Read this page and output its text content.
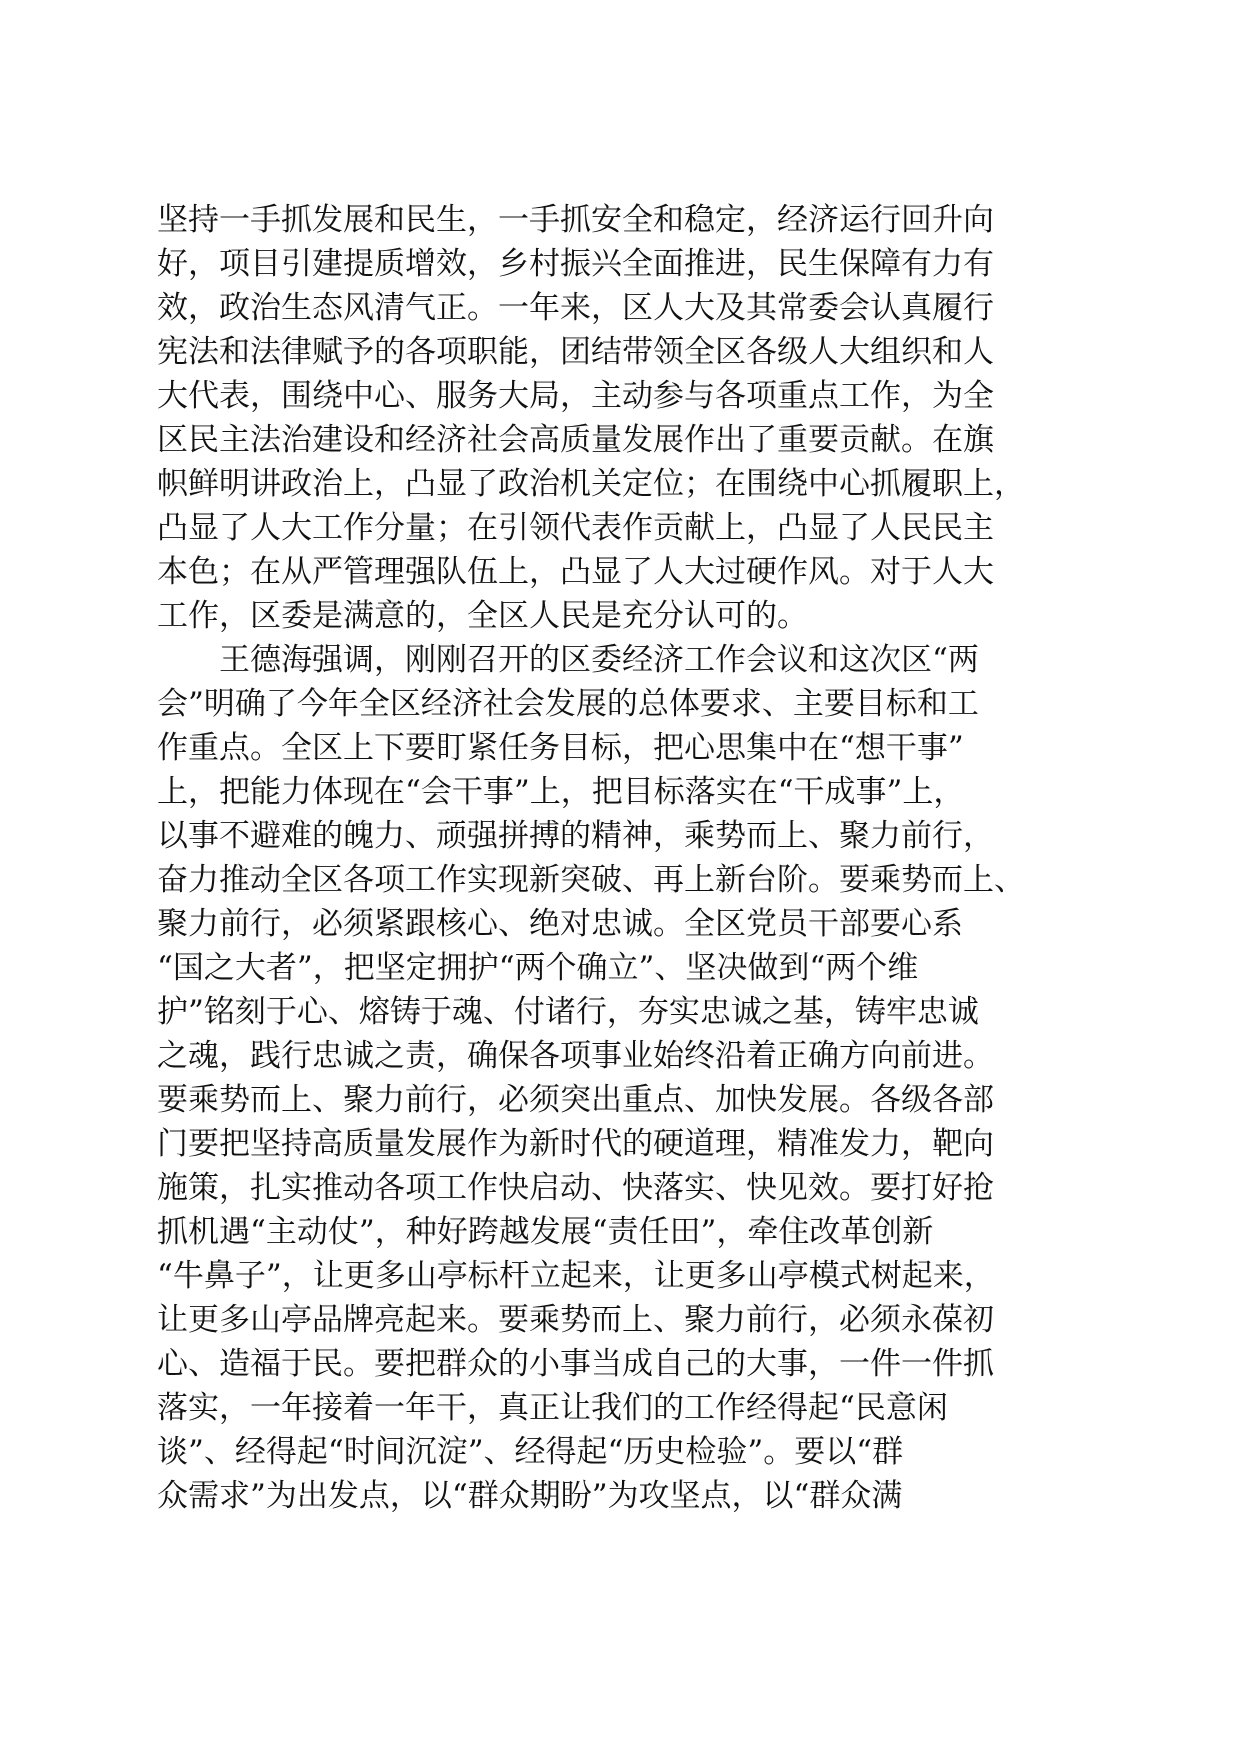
坚持一手抓发展和民生，一手抓安全和稳定，经济运行回升向
好，项目引建提质增效，乡村振兴全面推进，民生保障有力有
效，政治生态风清气正。一年来，区人大及其常委会认真履行
宪法和法律赋予的各项职能，团结带领全区各级人大组织和人
大代表，围绕中心、服务大局，主动参与各项重点工作，为全
区民主法治建设和经济社会高质量发展作出了重要贡献。在旗
帜鲜明讲政治上，凸显了政治机关定位；在围绕中心抓履职上，
凸显了人大工作分量；在引领代表作贡献上，凸显了人民民主
本色；在从严管理强队伍上，凸显了人大过硬作风。对于人大
工作，区委是满意的，全区人民是充分认可的。
王德海强调，刚刚召开的区委经济工作会议和这次区“两
会”明确了今年全区经济社会发展的总体要求、主要目标和工
作重点。全区上下要盯紧任务目标，把心思集中在“想干事”
上，把能力体现在“会干事”上，把目标落实在“干成事”上，
以事不避难的魄力、顽强拼搏的精神，乘势而上、聚力前行，
奋力推动全区各项工作实现新突破、再上新台阶。要乘势而上、
聚力前行，必须紧跟核心、绝对忠诚。全区党员干部要心系
“国之大者”，把坚定拥护“两个确立”、坚决做到“两个维
护”铭刻于心、熔铸于魂、付诸行，夯实忠诚之基，铸牢忠诚
之魂，践行忠诚之责，确保各项事业始终沿着正确方向前进。
要乘势而上、聚力前行，必须突出重点、加快发展。各级各部
门要把坚持高质量发展作为新时代的硬道理，精准发力，靶向
施策，扎实推动各项工作快启动、快落实、快见效。要打好抢
抓机遇“主动仗”，种好跨越发展“责任田”，牵住改革创新
“牛鼻子”，让更多山亭标杆立起来，让更多山亭模式树起来，
让更多山亭品牌亮起来。要乘势而上、聚力前行，必须永葆初
心、造福于民。要把群众的小事当成自己的大事，一件一件抓
落实，一年接着一年干，真正让我们的工作经得起“民意闲
谈”、经得起“时间沉淀”、经得起“历史检验”。要以“群
众需求”为出发点，以“群众期盼”为攻坚点，以“群众满
